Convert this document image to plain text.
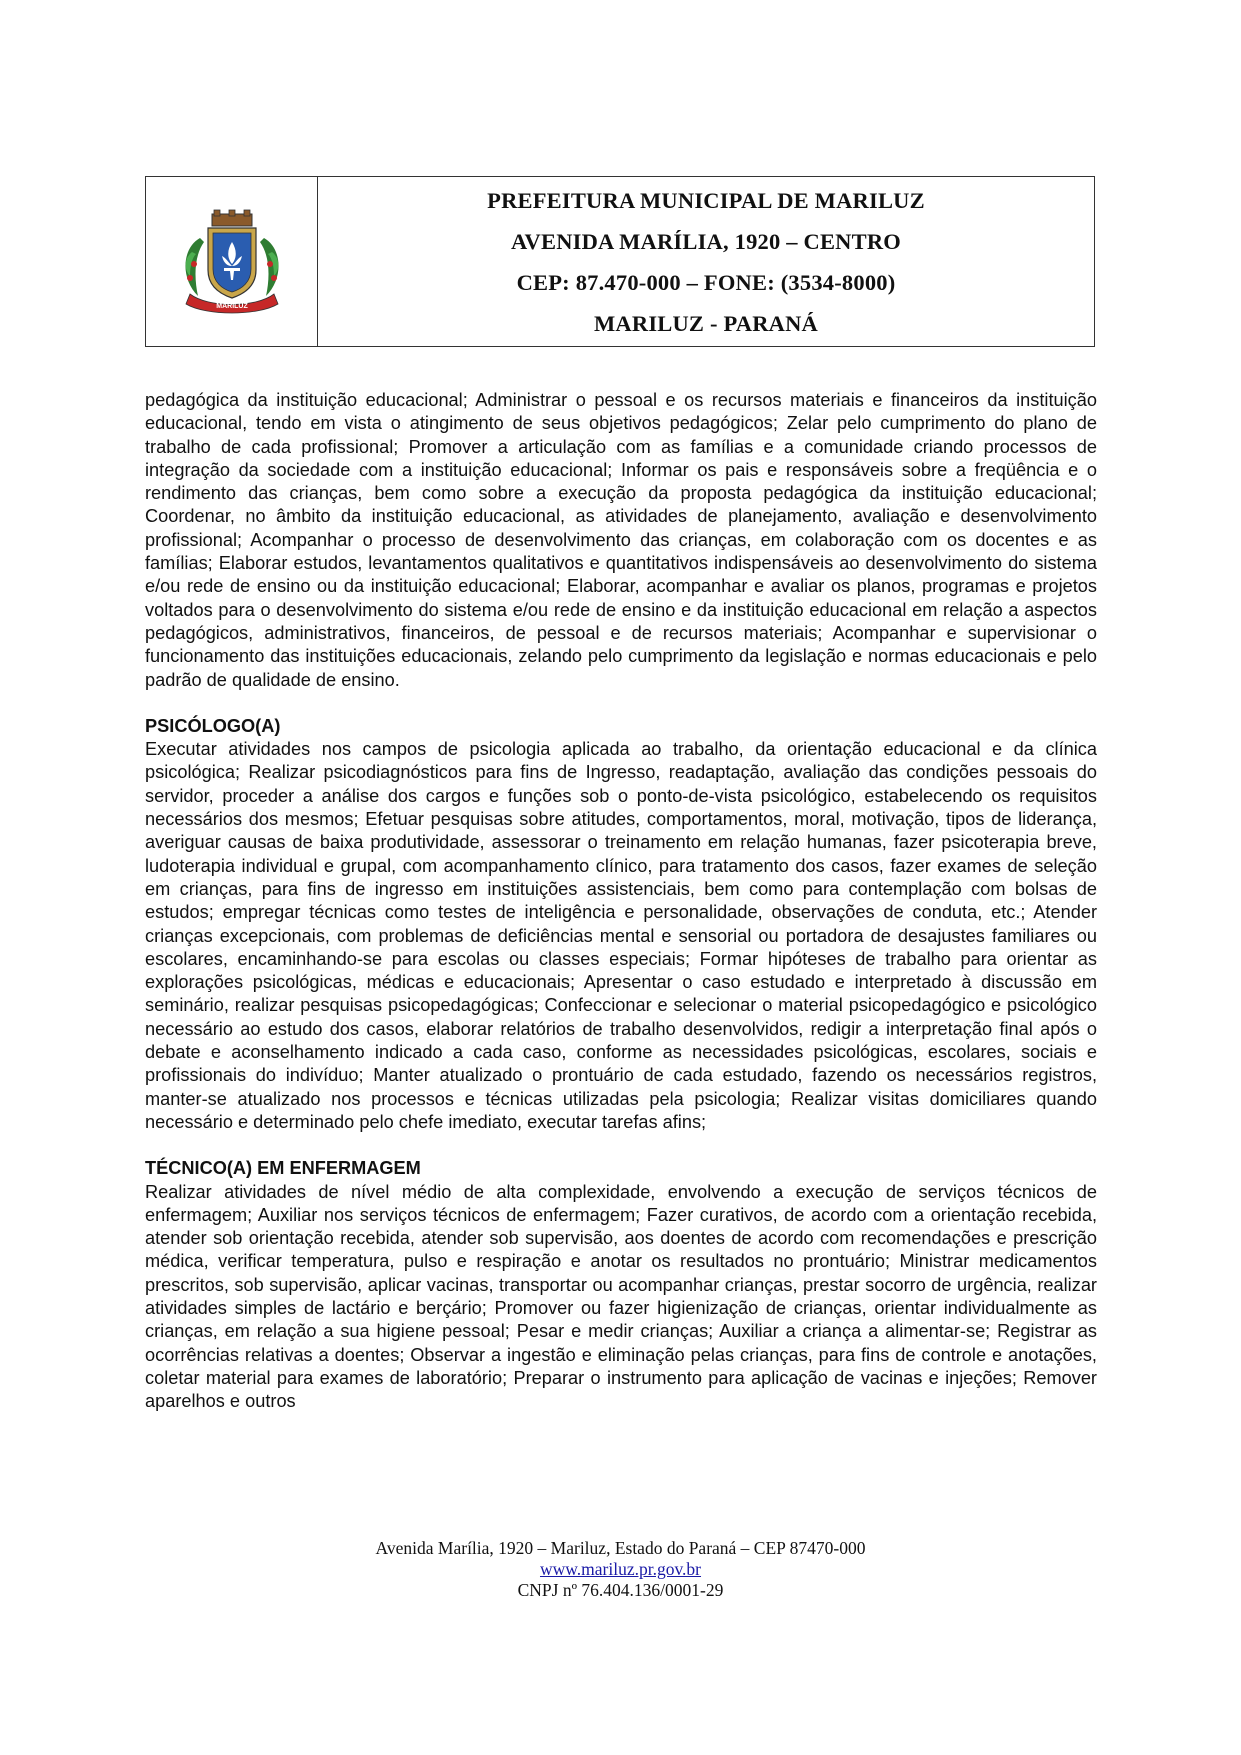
MARILUZ
PREFEITURA MUNICIPAL DE MARILUZ
AVENIDA MARÍLIA, 1920 – CENTRO
CEP: 87.470-000 – FONE: (3534-8000)
MARILUZ - PARANÁ

pedagógica da instituição educacional; Administrar o pessoal e os recursos materiais e financeiros da instituição educacional, tendo em vista o atingimento de seus objetivos pedagógicos; Zelar pelo cumprimento do plano de trabalho de cada profissional; Promover a articulação com as famílias e a comunidade criando processos de integração da sociedade com a instituição educacional; Informar os pais e responsáveis sobre a freqüência e o rendimento das crianças, bem como sobre a execução da proposta pedagógica da instituição educacional; Coordenar, no âmbito da instituição educacional, as atividades de planejamento, avaliação e desenvolvimento profissional; Acompanhar o processo de desenvolvimento das crianças, em colaboração com os docentes e as famílias; Elaborar estudos, levantamentos qualitativos e quantitativos indispensáveis ao desenvolvimento do sistema e/ou rede de ensino ou da instituição educacional; Elaborar, acompanhar e avaliar os planos, programas e projetos voltados para o desenvolvimento do sistema e/ou rede de ensino e da instituição educacional em relação a aspectos pedagógicos, administrativos, financeiros, de pessoal e de recursos materiais; Acompanhar e supervisionar o funcionamento das instituições educacionais, zelando pelo cumprimento da legislação e normas educacionais e pelo padrão de qualidade de ensino.

PSICÓLOGO(A)

Executar atividades nos campos de psicologia aplicada ao trabalho, da orientação educacional e da clínica psicológica; Realizar psicodiagnósticos para fins de Ingresso, readaptação, avaliação das condições pessoais do servidor, proceder a análise dos cargos e funções sob o ponto-de-vista psicológico, estabelecendo os requisitos necessários dos mesmos; Efetuar pesquisas sobre atitudes, comportamentos, moral, motivação, tipos de liderança, averiguar causas de baixa produtividade, assessorar o treinamento em relação humanas, fazer psicoterapia breve, ludoterapia individual e grupal, com acompanhamento clínico, para tratamento dos casos, fazer exames de seleção em crianças, para fins de ingresso em instituições assistenciais, bem como para contemplação com bolsas de estudos; empregar técnicas como testes de inteligência e personalidade, observações de conduta, etc.; Atender crianças excepcionais, com problemas de deficiências mental e sensorial ou portadora de desajustes familiares ou escolares, encaminhando-se para escolas ou classes especiais; Formar hipóteses de trabalho para orientar as explorações psicológicas, médicas e educacionais; Apresentar o caso estudado e interpretado à discussão em seminário, realizar pesquisas psicopedagógicas; Confeccionar e selecionar o material psicopedagógico e psicológico necessário ao estudo dos casos, elaborar relatórios de trabalho desenvolvidos, redigir a interpretação final após o debate e aconselhamento indicado a cada caso, conforme as necessidades psicológicas, escolares, sociais e profissionais do indivíduo; Manter atualizado o prontuário de cada estudado, fazendo os necessários registros, manter-se atualizado nos processos e técnicas utilizadas pela psicologia; Realizar visitas domiciliares quando necessário e determinado pelo chefe imediato, executar tarefas afins;

TÉCNICO(A) EM ENFERMAGEM

Realizar atividades de nível médio de alta complexidade, envolvendo a execução de serviços técnicos de enfermagem; Auxiliar nos serviços técnicos de enfermagem; Fazer curativos, de acordo com a orientação recebida, atender sob orientação recebida, atender sob supervisão, aos doentes de acordo com recomendações e prescrição médica, verificar temperatura, pulso e respiração e anotar os resultados no prontuário; Ministrar medicamentos prescritos, sob supervisão, aplicar vacinas, transportar ou acompanhar crianças, prestar socorro de urgência, realizar atividades simples de lactário e berçário; Promover ou fazer higienização de crianças, orientar individualmente as crianças, em relação a sua higiene pessoal; Pesar e medir crianças; Auxiliar a criança a alimentar-se; Registrar as ocorrências relativas a doentes; Observar a ingestão e eliminação pelas crianças, para fins de controle e anotações, coletar material para exames de laboratório; Preparar o instrumento para aplicação de vacinas e injeções; Remover aparelhos e outros

Avenida Marília, 1920 – Mariluz, Estado do Paraná – CEP 87470-000
www.mariluz.pr.gov.br
CNPJ nº 76.404.136/0001-29
